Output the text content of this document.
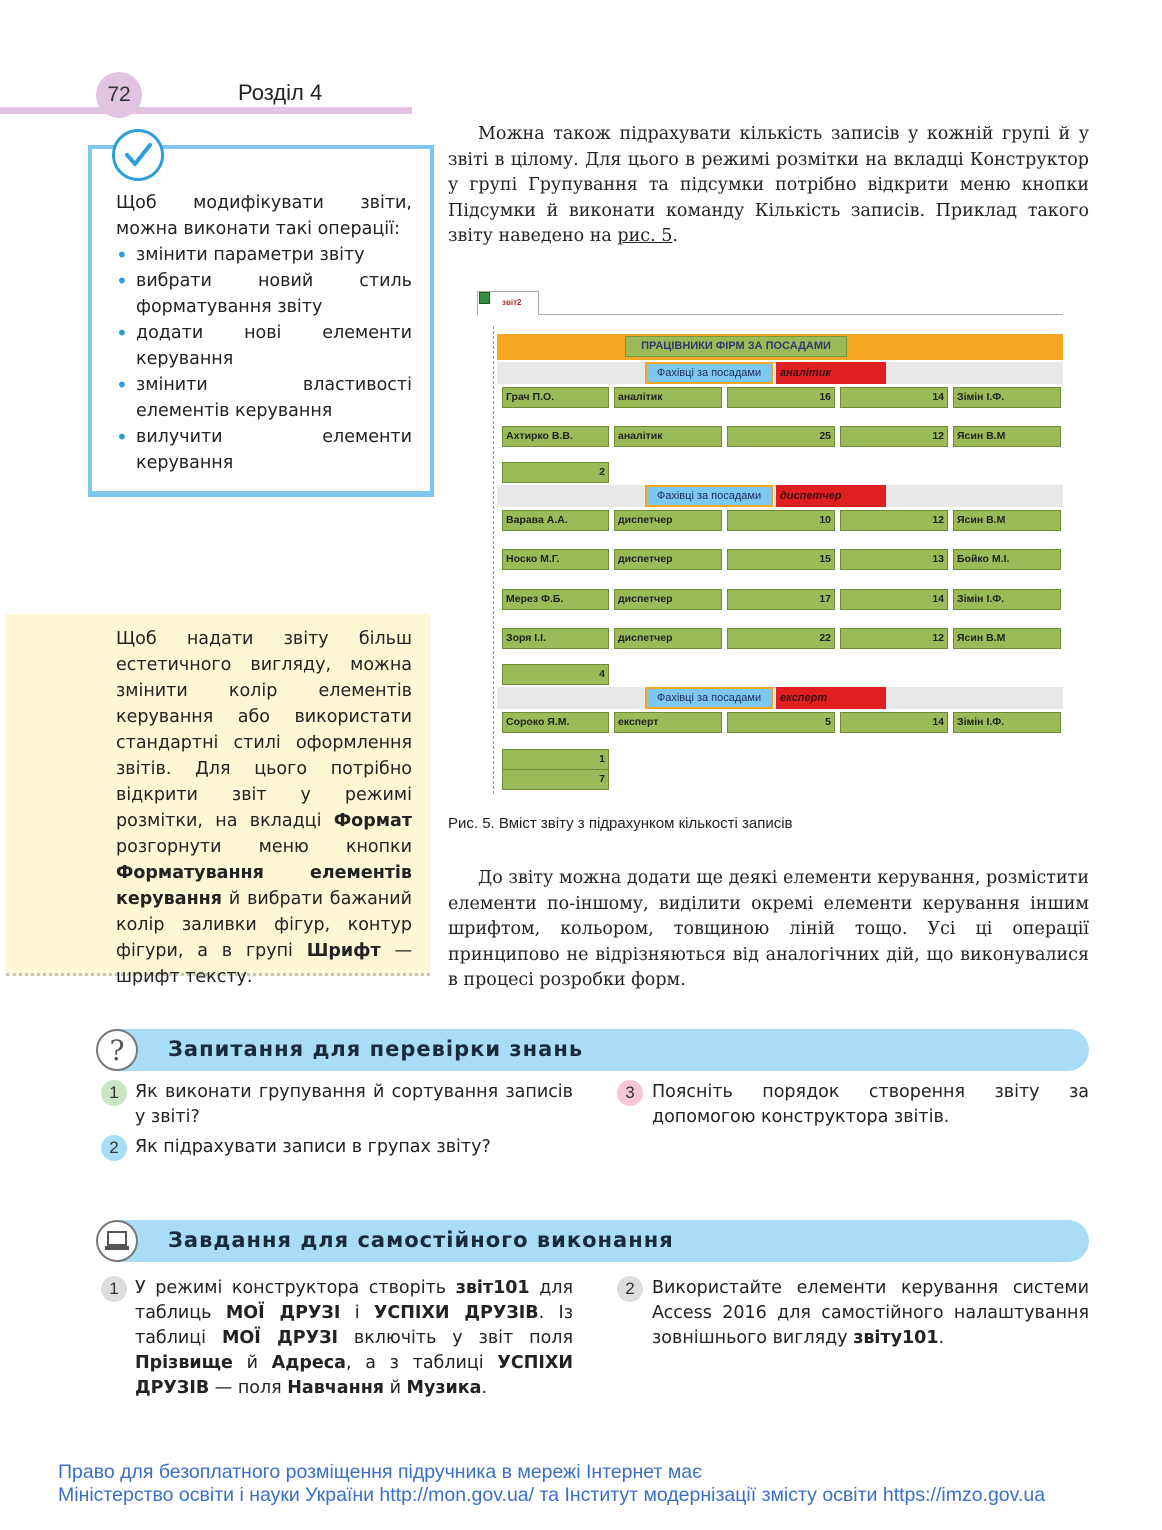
72	Розділ 4

Щоб модифікувати звіти, можна виконати такі операції:

• змінити параметри звіту
• вибрати новий стиль форматування звіту
• додати нові елементи керування
• змінити властивості елементів керування
• вилучити елементи керування
Щоб надати звіту більш естетичного вигляду, можна змінити колір елементів керування або використати стандартні стилі оформлення звітів. Для цього потрібно відкрити звіт у режимі розмітки, на вкладці Формат розгорнути меню кнопки Форматування елементів керування й вибрати бажаний колір заливки фігур, контур фігури, а в групі Шрифт — шрифт тексту.
Можна також підрахувати кількість записів у кожній групі й у звіті в цілому. Для цього в режимі розмітки на вкладці Конструктор у групі Групування та підсумки потрібно відкрити меню кнопки Підсумки й виконати команду Кількість записів. Приклад такого звіту наведено на рис. 5.
звіт2
ПРАЦІВНИКИ ФІРМ ЗА ПОСАДАМИ
Фахівці за посадами	аналітик
Грач П.О.	аналітик	16	14	Зімін І.Ф.
Ахтирко В.В.	аналітик	25	12	Ясин В.М
2
Фахівці за посадами	диспетчер
Варава А.А.	диспетчер	10	12	Ясин В.М
Носко М.Г.	диспетчер	15	13	Бойко М.І.
Мерез Ф.Б.	диспетчер	17	14	Зімін І.Ф.
Зоря І.І.	диспетчер	22	12	Ясин В.М
4
Фахівці за посадами	експерт
Сороко Я.М.	експерт	5	14	Зімін І.Ф.
1
7
Рис. 5. Вміст звіту з підрахунком кількості записів
До звіту можна додати ще деякі елементи керування, розмістити елементи по-іншому, виділити окремі елементи керування іншим шрифтом, кольором, товщиною ліній тощо. Усі ці операції принципово не відрізняються від аналогічних дій, що виконувалися в процесі розробки форм.
?	Запитання для перевірки знань
1 Як виконати групування й сортування записів у звіті?
2 Як підрахувати записи в групах звіту?
3 Поясніть порядок створення звіту за допомогою конструктора звітів.
Завдання для самостійного виконання
1 У режимі конструктора створіть звіт101 для таблиць МОЇ ДРУЗІ і УСПІХИ ДРУЗІВ. Із таблиці МОЇ ДРУЗІ включіть у звіт поля Прізвище й Адреса, а з таблиці УСПІХИ ДРУЗІВ — поля Навчання й Музика.
2 Використайте елементи керування системи Access 2016 для самостійного налаштування зовнішнього вигляду звіту101.
Право для безоплатного розміщення підручника в мережі Інтернет має
Міністерство освіти і науки України http://mon.gov.ua/ та Інститут модернізації змісту освіти https://imzo.gov.ua
